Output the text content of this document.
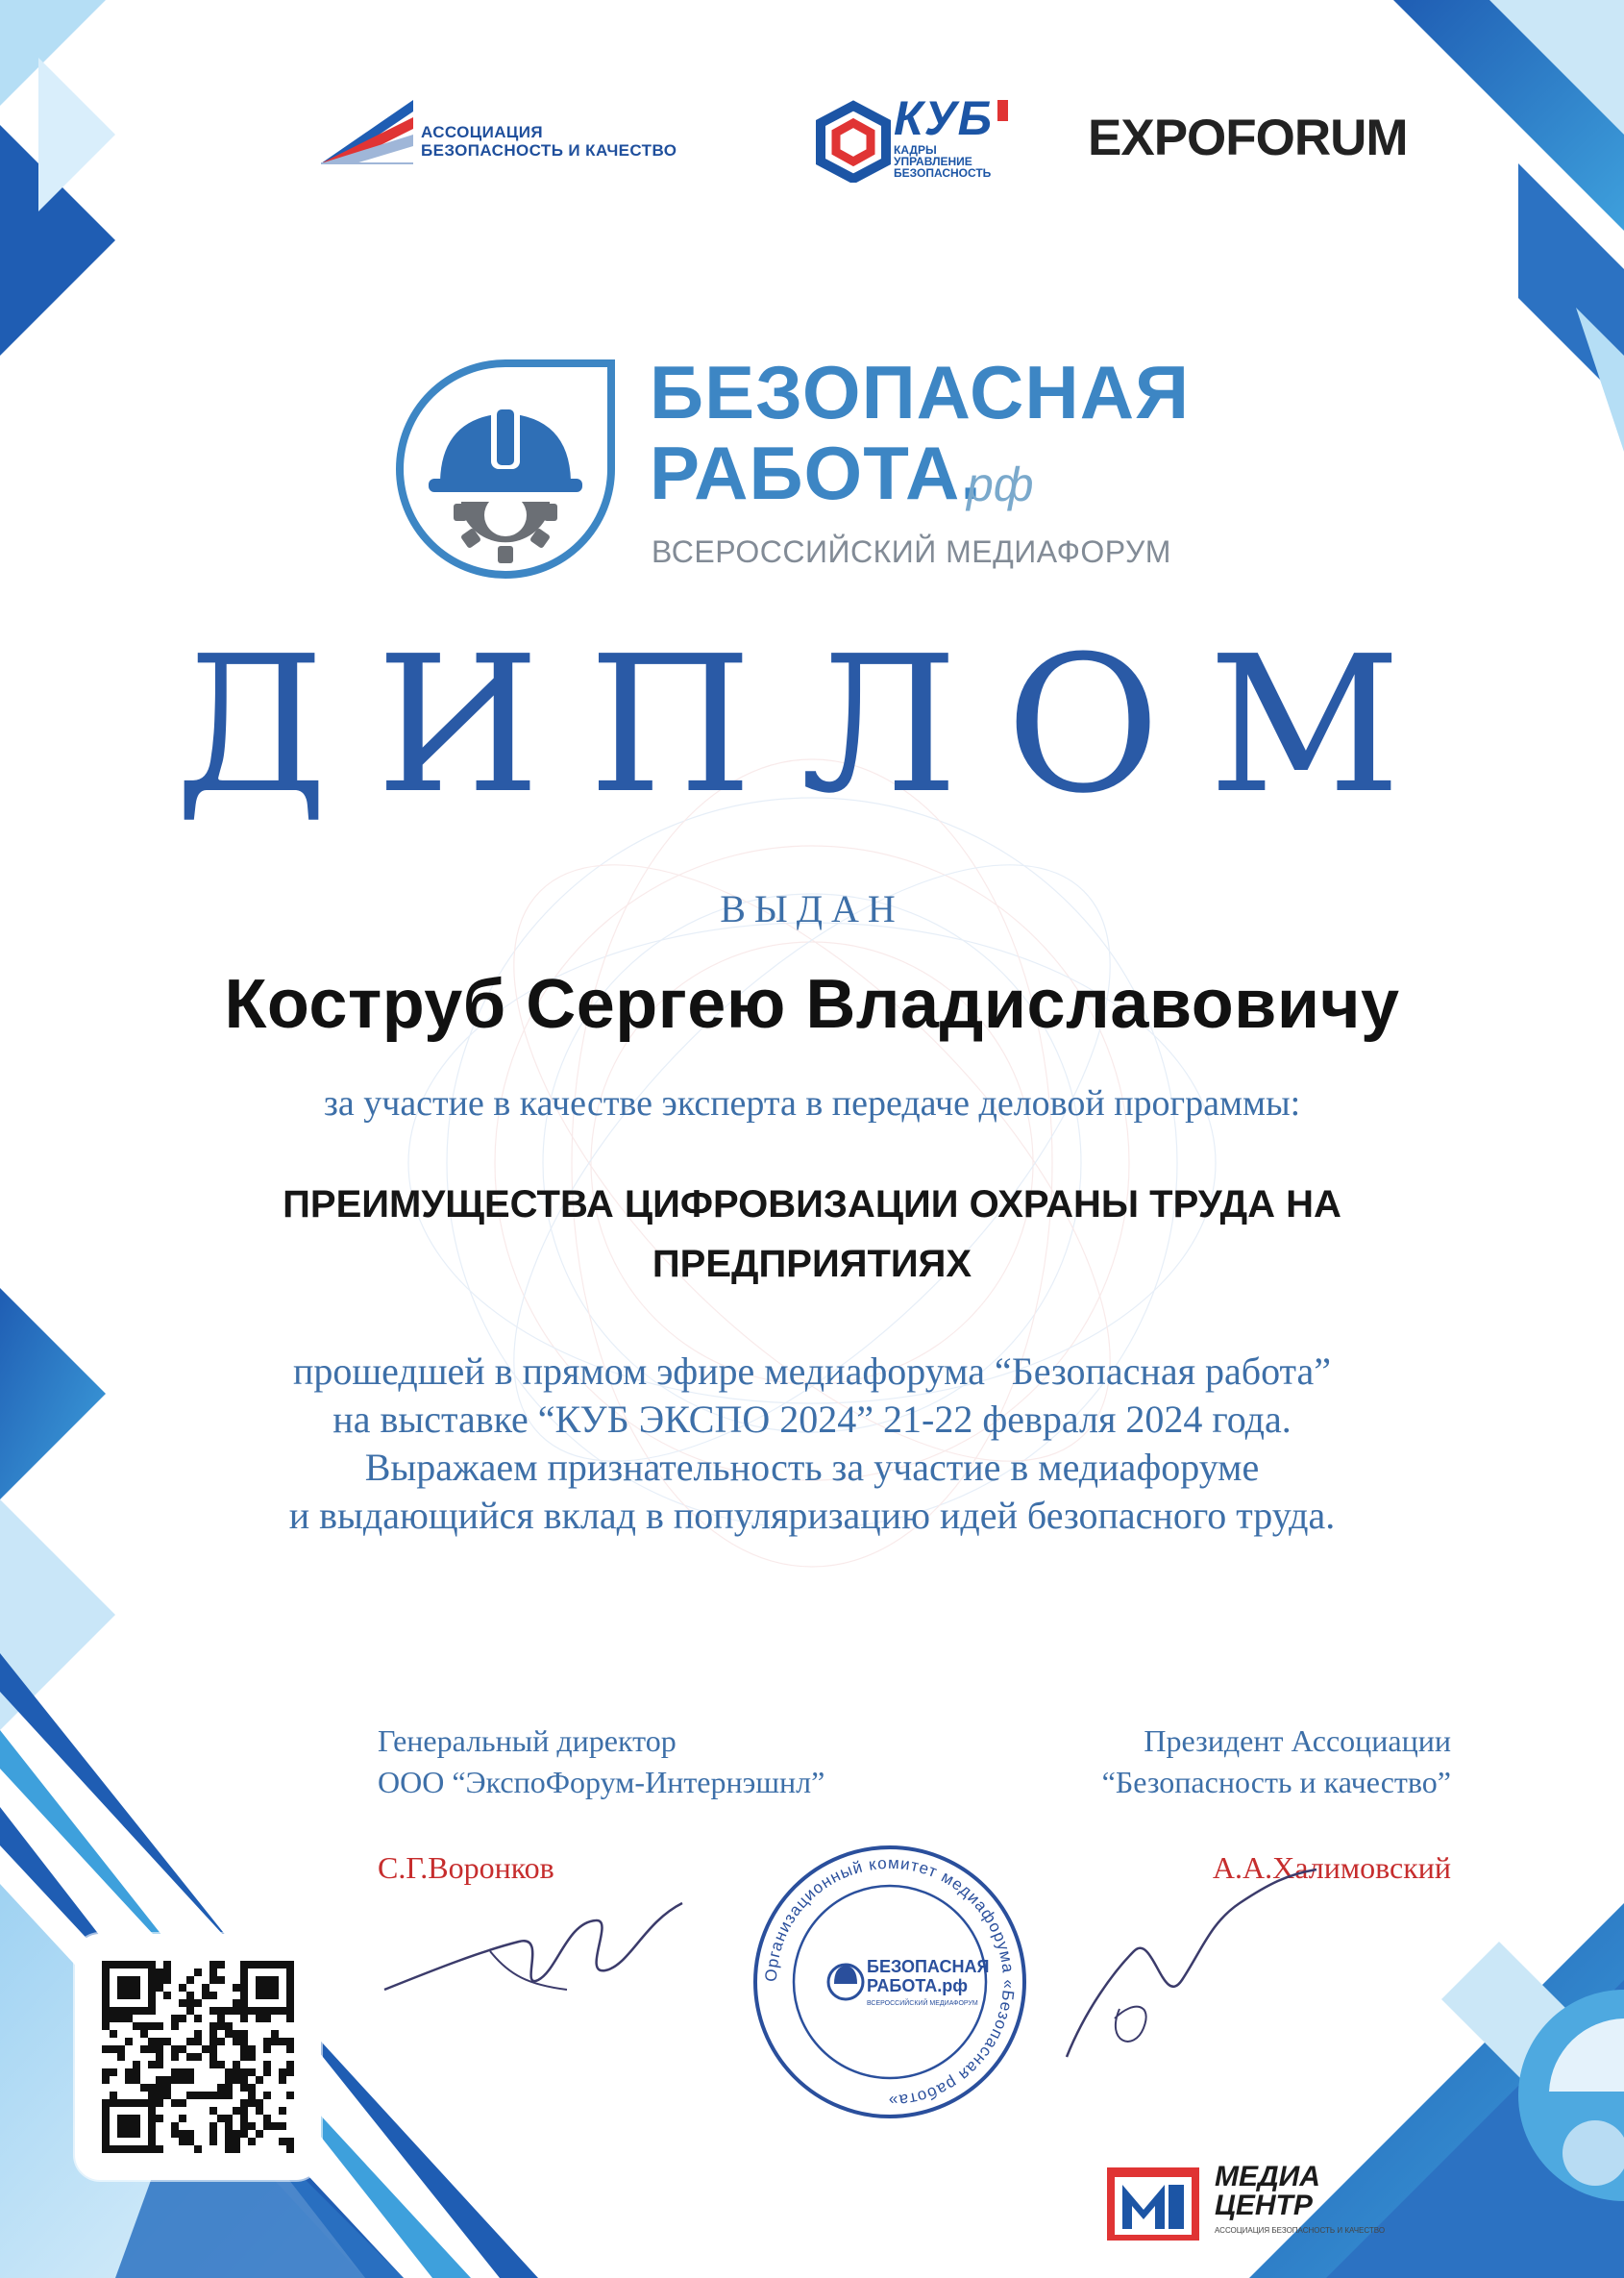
АССОЦИАЦИЯ
БЕЗОПАСНОСТЬ И КАЧЕСТВО
КУБ
КАДРЫ
УПРАВЛЕНИЕ
БЕЗОПАСНОСТЬ
EXPOFORUM
БЕЗОПАСНАЯ
РАБОТА.
рф
ВСЕРОССИЙСКИЙ МЕДИАФОРУМ
ДИПЛОМ
ВЫДАН
Коструб Сергею Владиславовичу
за участие в качестве эксперта в передаче деловой программы:
ПРЕИМУЩЕСТВА ЦИФРОВИЗАЦИИ ОХРАНЫ ТРУДА НА
ПРЕДПРИЯТИЯХ
прошедшей в прямом эфире медиафорума “Безопасная работа”
на выставке “КУБ ЭКСПО 2024” 21-22 февраля 2024 года.
Выражаем признательность за участие в медиафоруме
и выдающийся вклад в популяризацию идей безопасного труда.
Генеральный директор
ООО “ЭкспоФорум-Интернэшнл”
С.Г.Воронков
Президент Ассоциации
“Безопасность и качество”
А.А.Халимовский
Организационный комитет медиафорума «Безопасная работа»
БЕЗОПАСНАЯ
РАБОТА.рф
ВСЕРОССИЙСКИЙ МЕДИАФОРУМ
МЕДИА
ЦЕНТР
АССОЦИАЦИЯ БЕЗОПАСНОСТЬ И КАЧЕСТВО
